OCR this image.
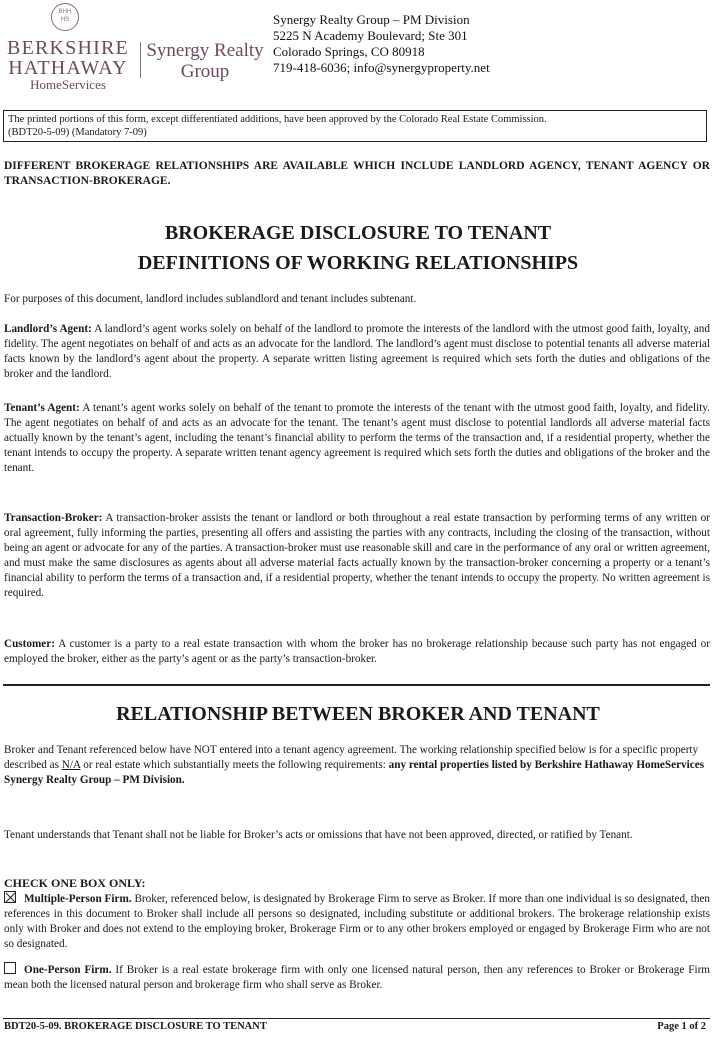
BHH
HS
BERKSHIRE
HATHAWAY
HomeServices
Synergy Realty
Group
Synergy Realty Group – PM Division
5225 N Academy Boulevard; Ste 301
Colorado Springs, CO 80918
719-418-6036; info@synergyproperty.net
The printed portions of this form, except differentiated additions, have been approved by the Colorado Real Estate Commission.
(BDT20-5-09) (Mandatory 7-09)
DIFFERENT BROKERAGE RELATIONSHIPS ARE AVAILABLE WHICH INCLUDE LANDLORD AGENCY, TENANT AGENCY OR TRANSACTION-BROKERAGE.
BROKERAGE DISCLOSURE TO TENANT
DEFINITIONS OF WORKING RELATIONSHIPS
For purposes of this document, landlord includes sublandlord and tenant includes subtenant.
Landlord’s Agent: A landlord’s agent works solely on behalf of the landlord to promote the interests of the landlord with the utmost good faith, loyalty, and fidelity. The agent negotiates on behalf of and acts as an advocate for the landlord. The landlord’s agent must disclose to potential tenants all adverse material facts known by the landlord’s agent about the property. A separate written listing agreement is required which sets forth the duties and obligations of the broker and the landlord.
Tenant’s Agent: A tenant’s agent works solely on behalf of the tenant to promote the interests of the tenant with the utmost good faith, loyalty, and fidelity. The agent negotiates on behalf of and acts as an advocate for the tenant. The tenant’s agent must disclose to potential landlords all adverse material facts actually known by the tenant’s agent, including the tenant’s financial ability to perform the terms of the transaction and, if a residential property, whether the tenant intends to occupy the property. A separate written tenant agency agreement is required which sets forth the duties and obligations of the broker and the tenant.
Transaction-Broker: A transaction-broker assists the tenant or landlord or both throughout a real estate transaction by performing terms of any written or oral agreement, fully informing the parties, presenting all offers and assisting the parties with any contracts, including the closing of the transaction, without being an agent or advocate for any of the parties. A transaction-broker must use reasonable skill and care in the performance of any oral or written agreement, and must make the same disclosures as agents about all adverse material facts actually known by the transaction-broker concerning a property or a tenant’s financial ability to perform the terms of a transaction and, if a residential property, whether the tenant intends to occupy the property. No written agreement is required.
Customer: A customer is a party to a real estate transaction with whom the broker has no brokerage relationship because such party has not engaged or employed the broker, either as the party’s agent or as the party’s transaction-broker.
RELATIONSHIP BETWEEN BROKER AND TENANT
Broker and Tenant referenced below have NOT entered into a tenant agency agreement. The working relationship specified below is for a specific property described as N/A or real estate which substantially meets the following requirements: any rental properties listed by Berkshire Hathaway HomeServices Synergy Realty Group – PM Division.
Tenant understands that Tenant shall not be liable for Broker’s acts or omissions that have not been approved, directed, or ratified by Tenant.
CHECK ONE BOX ONLY:
Multiple-Person Firm. Broker, referenced below, is designated by Brokerage Firm to serve as Broker. If more than one individual is so designated, then references in this document to Broker shall include all persons so designated, including substitute or additional brokers. The brokerage relationship exists only with Broker and does not extend to the employing broker, Brokerage Firm or to any other brokers employed or engaged by Brokerage Firm who are not so designated.
One-Person Firm. If Broker is a real estate brokerage firm with only one licensed natural person, then any references to Broker or Brokerage Firm mean both the licensed natural person and brokerage firm who shall serve as Broker.
BDT20-5-09. BROKERAGE DISCLOSURE TO TENANT	Page 1 of 2
